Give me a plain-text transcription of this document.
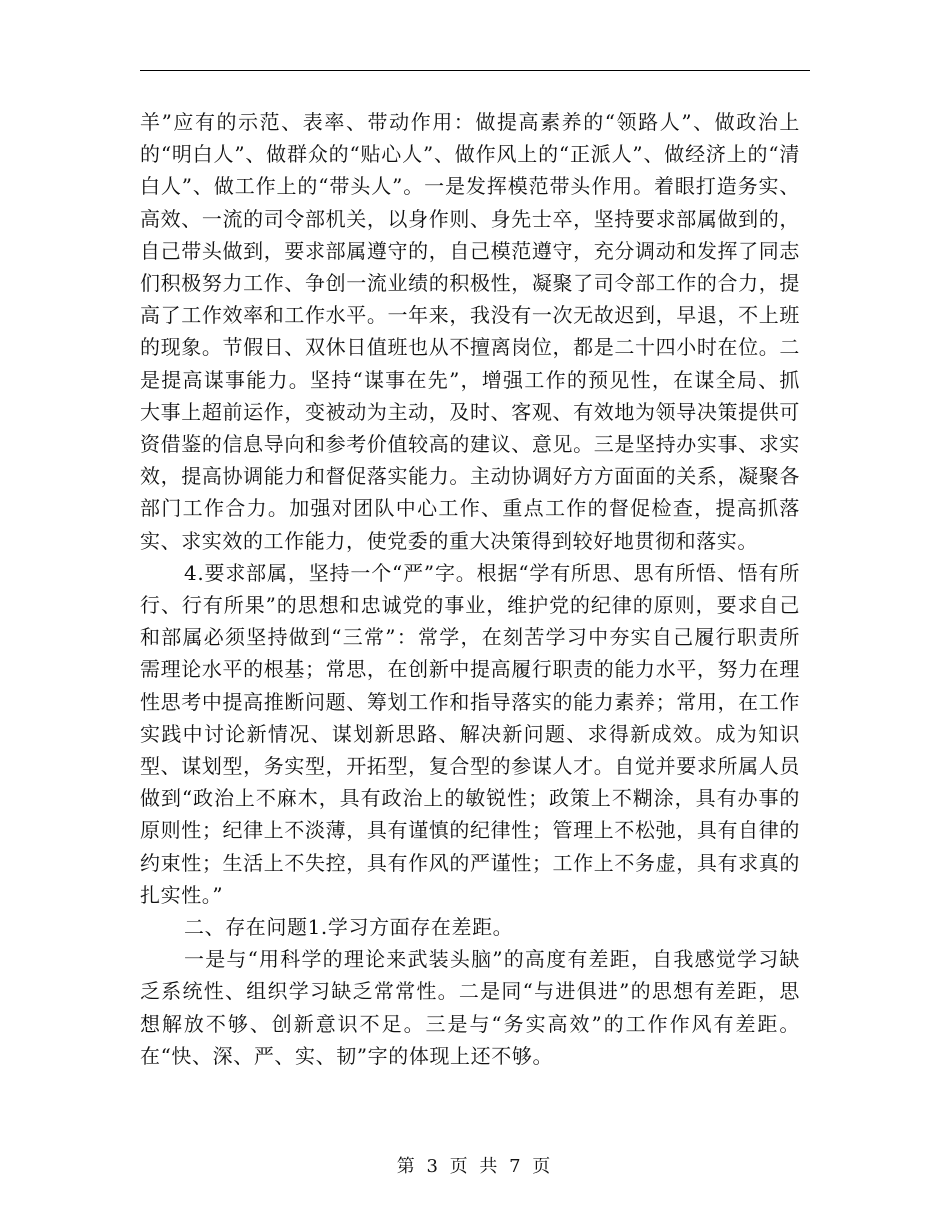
羊”应有的示范、表率、带动作用：做提高素养的“领路人”、做政治上的“明白人”、做群众的“贴心人”、做作风上的“正派人”、做经济上的“清白人”、做工作上的“带头人”。一是发挥模范带头作用。着眼打造务实、高效、一流的司令部机关，以身作则、身先士卒，坚持要求部属做到的，自己带头做到，要求部属遵守的，自己模范遵守，充分调动和发挥了同志们积极努力工作、争创一流业绩的积极性，凝聚了司令部工作的合力，提高了工作效率和工作水平。一年来，我没有一次无故迟到，早退，不上班的现象。节假日、双休日值班也从不擅离岗位，都是二十四小时在位。二是提高谋事能力。坚持“谋事在先”，增强工作的预见性，在谋全局、抓大事上超前运作，变被动为主动，及时、客观、有效地为领导决策提供可资借鉴的信息导向和参考价值较高的建议、意见。三是坚持办实事、求实效，提高协调能力和督促落实能力。主动协调好方方面面的关系，凝聚各部门工作合力。加强对团队中心工作、重点工作的督促检查，提高抓落实、求实效的工作能力，使党委的重大决策得到较好地贯彻和落实。

4.要求部属，坚持一个“严”字。根据“学有所思、思有所悟、悟有所行、行有所果”的思想和忠诚党的事业，维护党的纪律的原则，要求自己和部属必须坚持做到“三常”：常学，在刻苦学习中夯实自己履行职责所需理论水平的根基；常思，在创新中提高履行职责的能力水平，努力在理性思考中提高推断问题、筹划工作和指导落实的能力素养；常用，在工作实践中讨论新情况、谋划新思路、解决新问题、求得新成效。成为知识型、谋划型，务实型，开拓型，复合型的参谋人才。自觉并要求所属人员做到“政治上不麻木，具有政治上的敏锐性；政策上不糊涂，具有办事的原则性；纪律上不淡薄，具有谨慎的纪律性；管理上不松弛，具有自律的约束性；生活上不失控，具有作风的严谨性；工作上不务虚，具有求真的扎实性。”

二、存在问题1.学习方面存在差距。

一是与“用科学的理论来武装头脑”的高度有差距，自我感觉学习缺乏系统性、组织学习缺乏常常性。二是同“与进俱进”的思想有差距，思想解放不够、创新意识不足。三是与“务实高效”的工作作风有差距。在“快、深、严、实、韧”字的体现上还不够。

第 3 页 共 7 页
